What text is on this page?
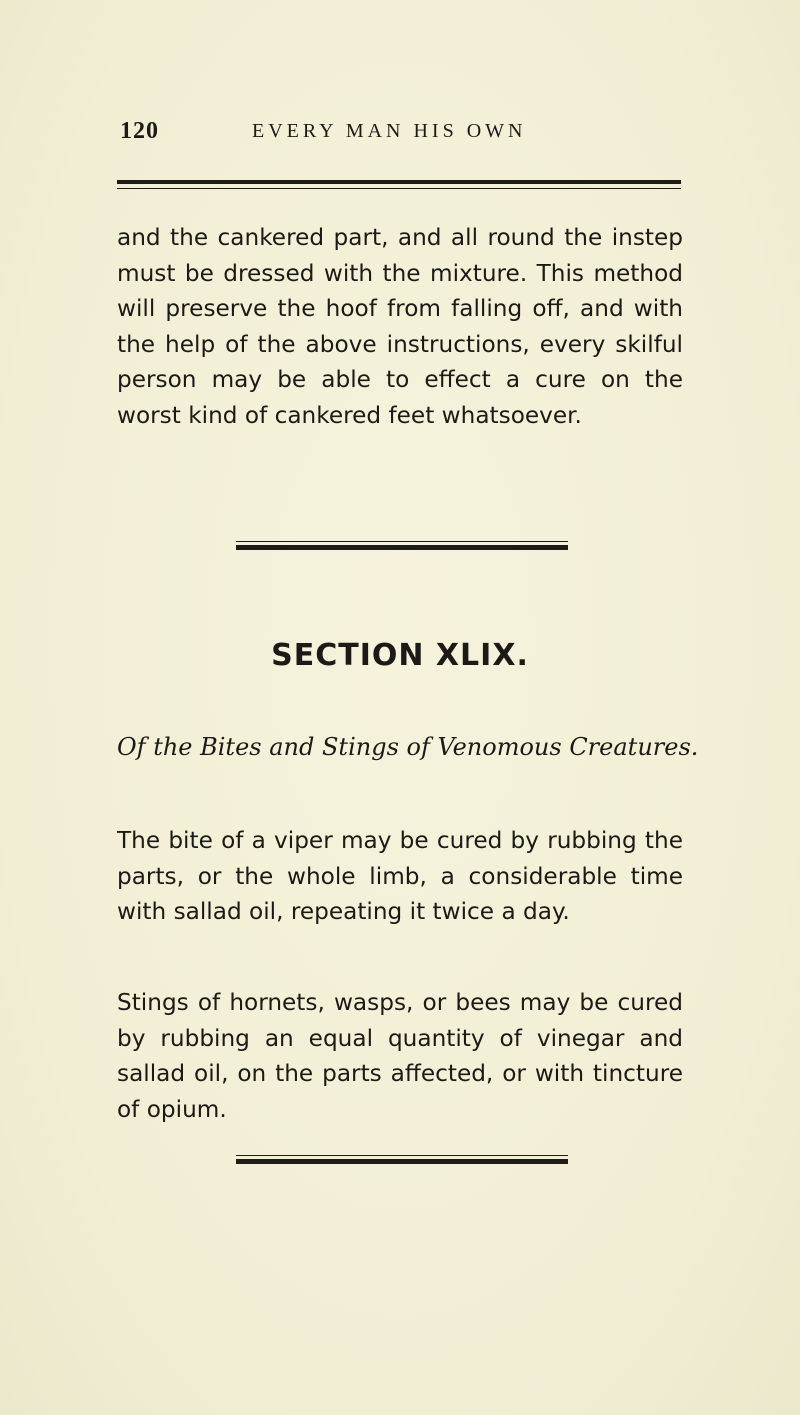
120	EVERY MAN HIS OWN

and the cankered part, and all round the instep must be dressed with the mixture. This method will preserve the hoof from falling off, and with the help of the above instructions, every skilful person may be able to effect a cure on the worst kind of cankered feet whatsoever.

SECTION XLIX.

Of the Bites and Stings of Venomous Creatures.

The bite of a viper may be cured by rubbing the parts, or the whole limb, a considerable time with sallad oil, repeating it twice a day.

Stings of hornets, wasps, or bees may be cured by rubbing an equal quantity of vinegar and sallad oil, on the parts affected, or with tincture of opium.
